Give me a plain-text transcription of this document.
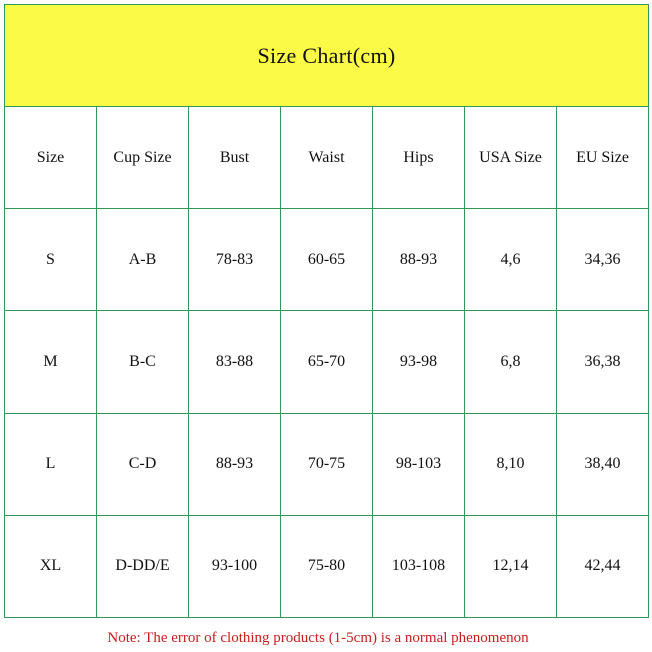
Size Chart(cm)						
Size	Cup Size	Bust	Waist	Hips	USA Size	EU Size
S	A-B	78-83	60-65	88-93	4,6	34,36
M	B-C	83-88	65-70	93-98	6,8	36,38
L	C-D	88-93	70-75	98-103	8,10	38,40
XL	D-DD/E	93-100	75-80	103-108	12,14	42,44
Note: The error of clothing products (1-5cm) is a normal phenomenon
